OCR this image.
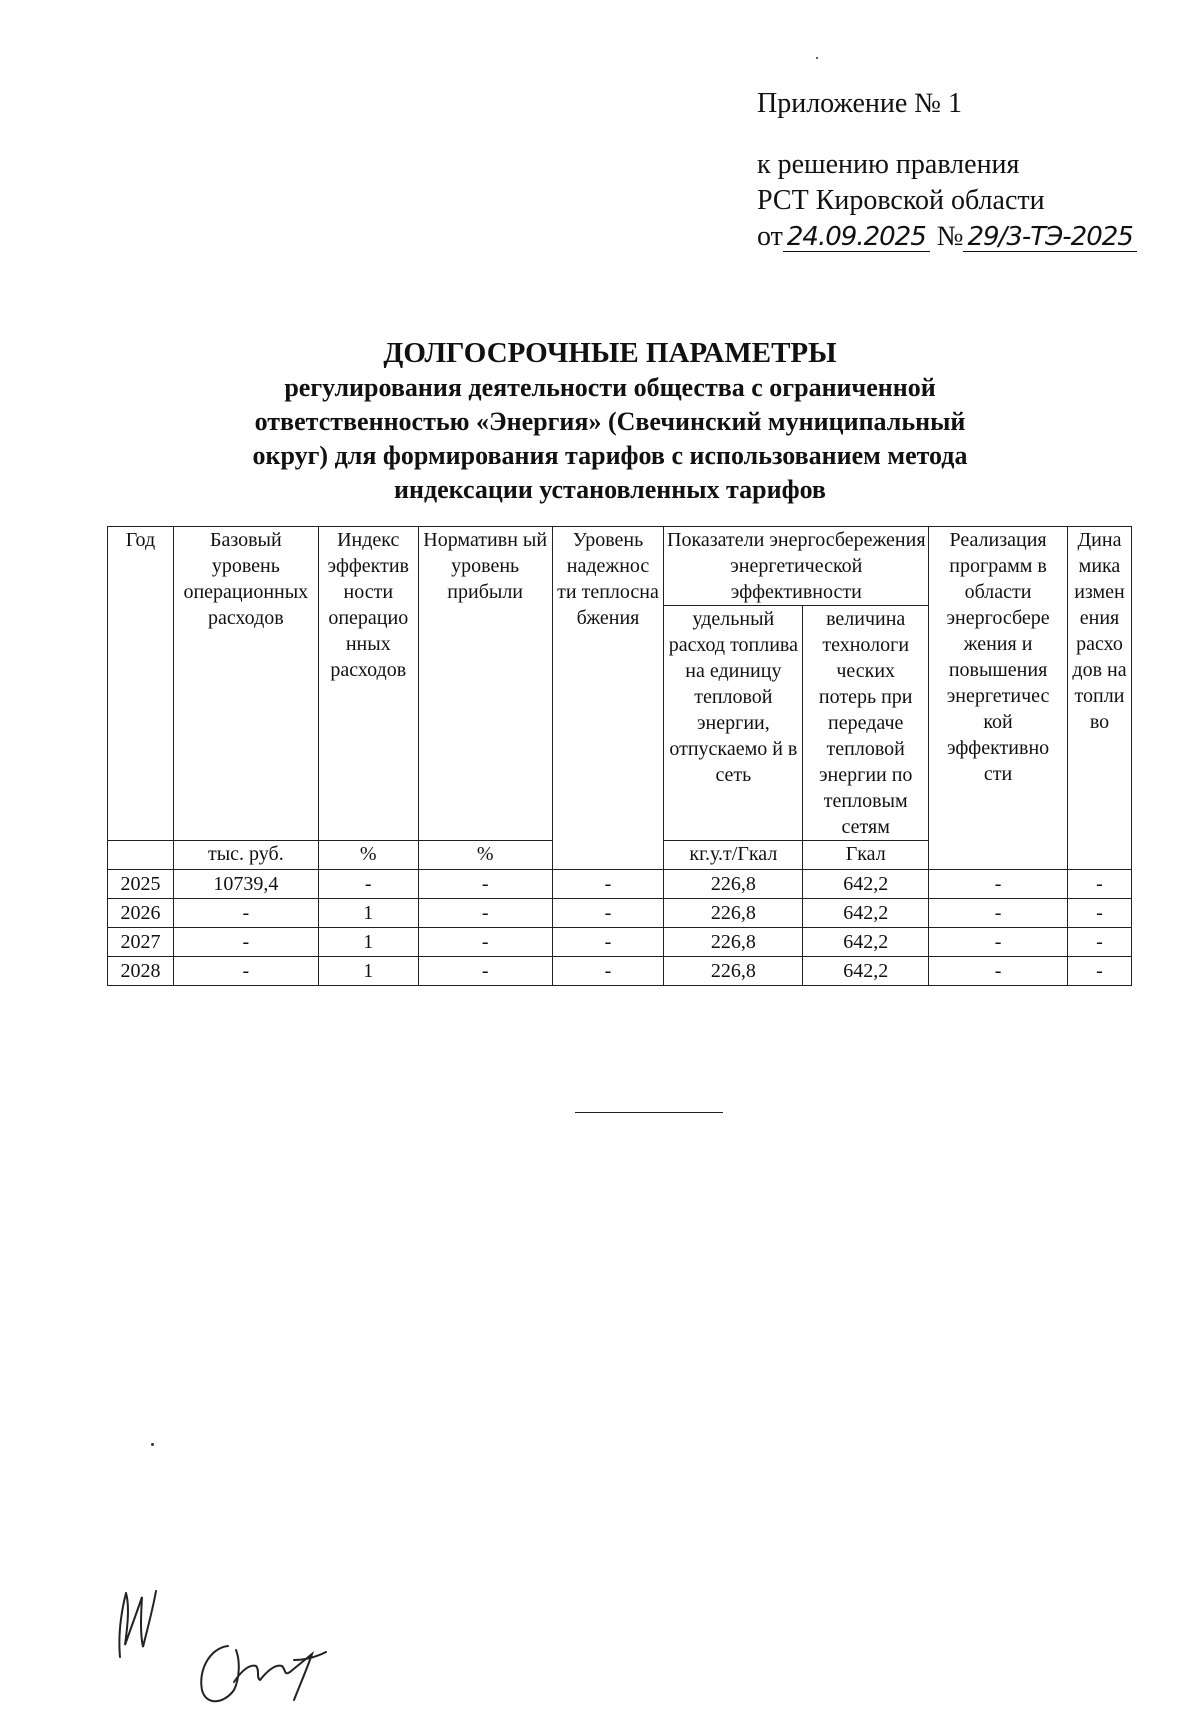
Приложение № 1
к решению правления
РСТ Кировской области
от 24.09.2025 № 29/3-ТЭ-2025
ДОЛГОСРОЧНЫЕ ПАРАМЕТРЫ
регулирования деятельности общества с ограниченной
ответственностью «Энергия» (Свечинский муниципальный
округ) для формирования тарифов с использованием метода
индексации установленных тарифов
Год	Базовый уровень операционных расходов	Индекс эффектив ности операцио нных расходов	Нормативн ый уровень прибыли	Уровень надежнос ти теплосна бжения	Показатели энергосбережения энергетической эффективности		Реализация программ в области энергосбере жения и повышения энергетичес кой эффективно сти	Дина мика измен ения расхо дов на топли во
					удельный расход топлива на единицу тепловой энергии, отпускаемо й в сеть	величина технологи ческих потерь при передаче тепловой энергии по тепловым сетям		
	тыс. руб.	%	%		кг.у.т/Гкал	Гкал		
2025	10739,4	-	-	-	226,8	642,2	-	-
2026	-	1	-	-	226,8	642,2	-	-
2027	-	1	-	-	226,8	642,2	-	-
2028	-	1	-	-	226,8	642,2	-	-
